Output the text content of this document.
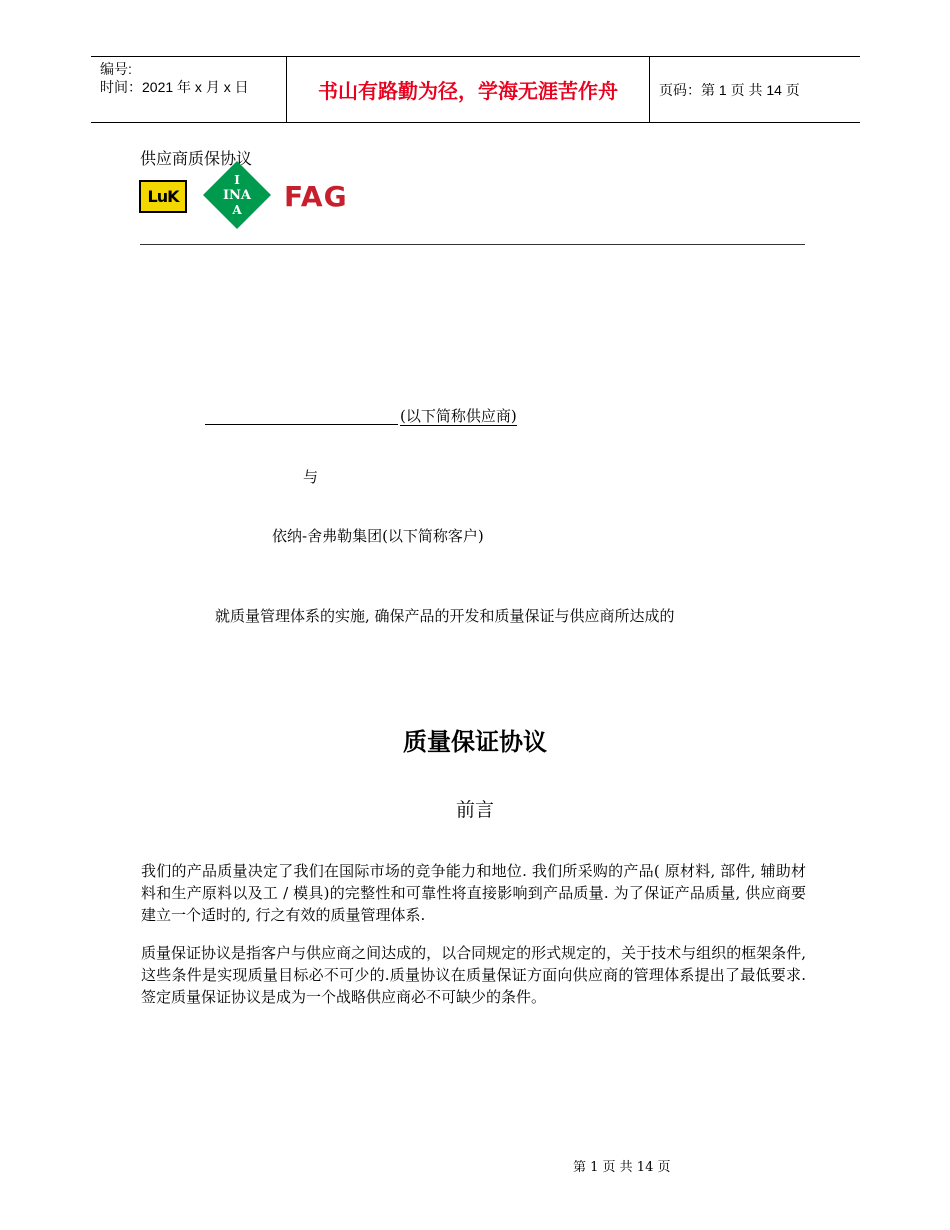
编号:
时间：2021 年 x 月 x 日	书山有路勤为径，学海无涯苦作舟	页码：第 1 页 共 14 页
供应商质保协议
LuK
I
INA
A FAG
(以下简称供应商)
与
依纳-舍弗勒集团(以下简称客户)
就质量管理体系的实施, 确保产品的开发和质量保证与供应商所达成的
质量保证协议
前言
我们的产品质量决定了我们在国际市场的竞争能力和地位. 我们所采购的产品( 原材料, 部件, 辅助材料和生产原料以及工 / 模具)的完整性和可靠性将直接影响到产品质量. 为了保证产品质量, 供应商要建立一个适时的, 行之有效的质量管理体系.
质量保证协议是指客户与供应商之间达成的，以合同规定的形式规定的，关于技术与组织的框架条件, 这些条件是实现质量目标必不可少的.质量协议在质量保证方面向供应商的管理体系提出了最低要求. 签定质量保证协议是成为一个战略供应商必不可缺少的条件。
第 1 页 共 14 页
